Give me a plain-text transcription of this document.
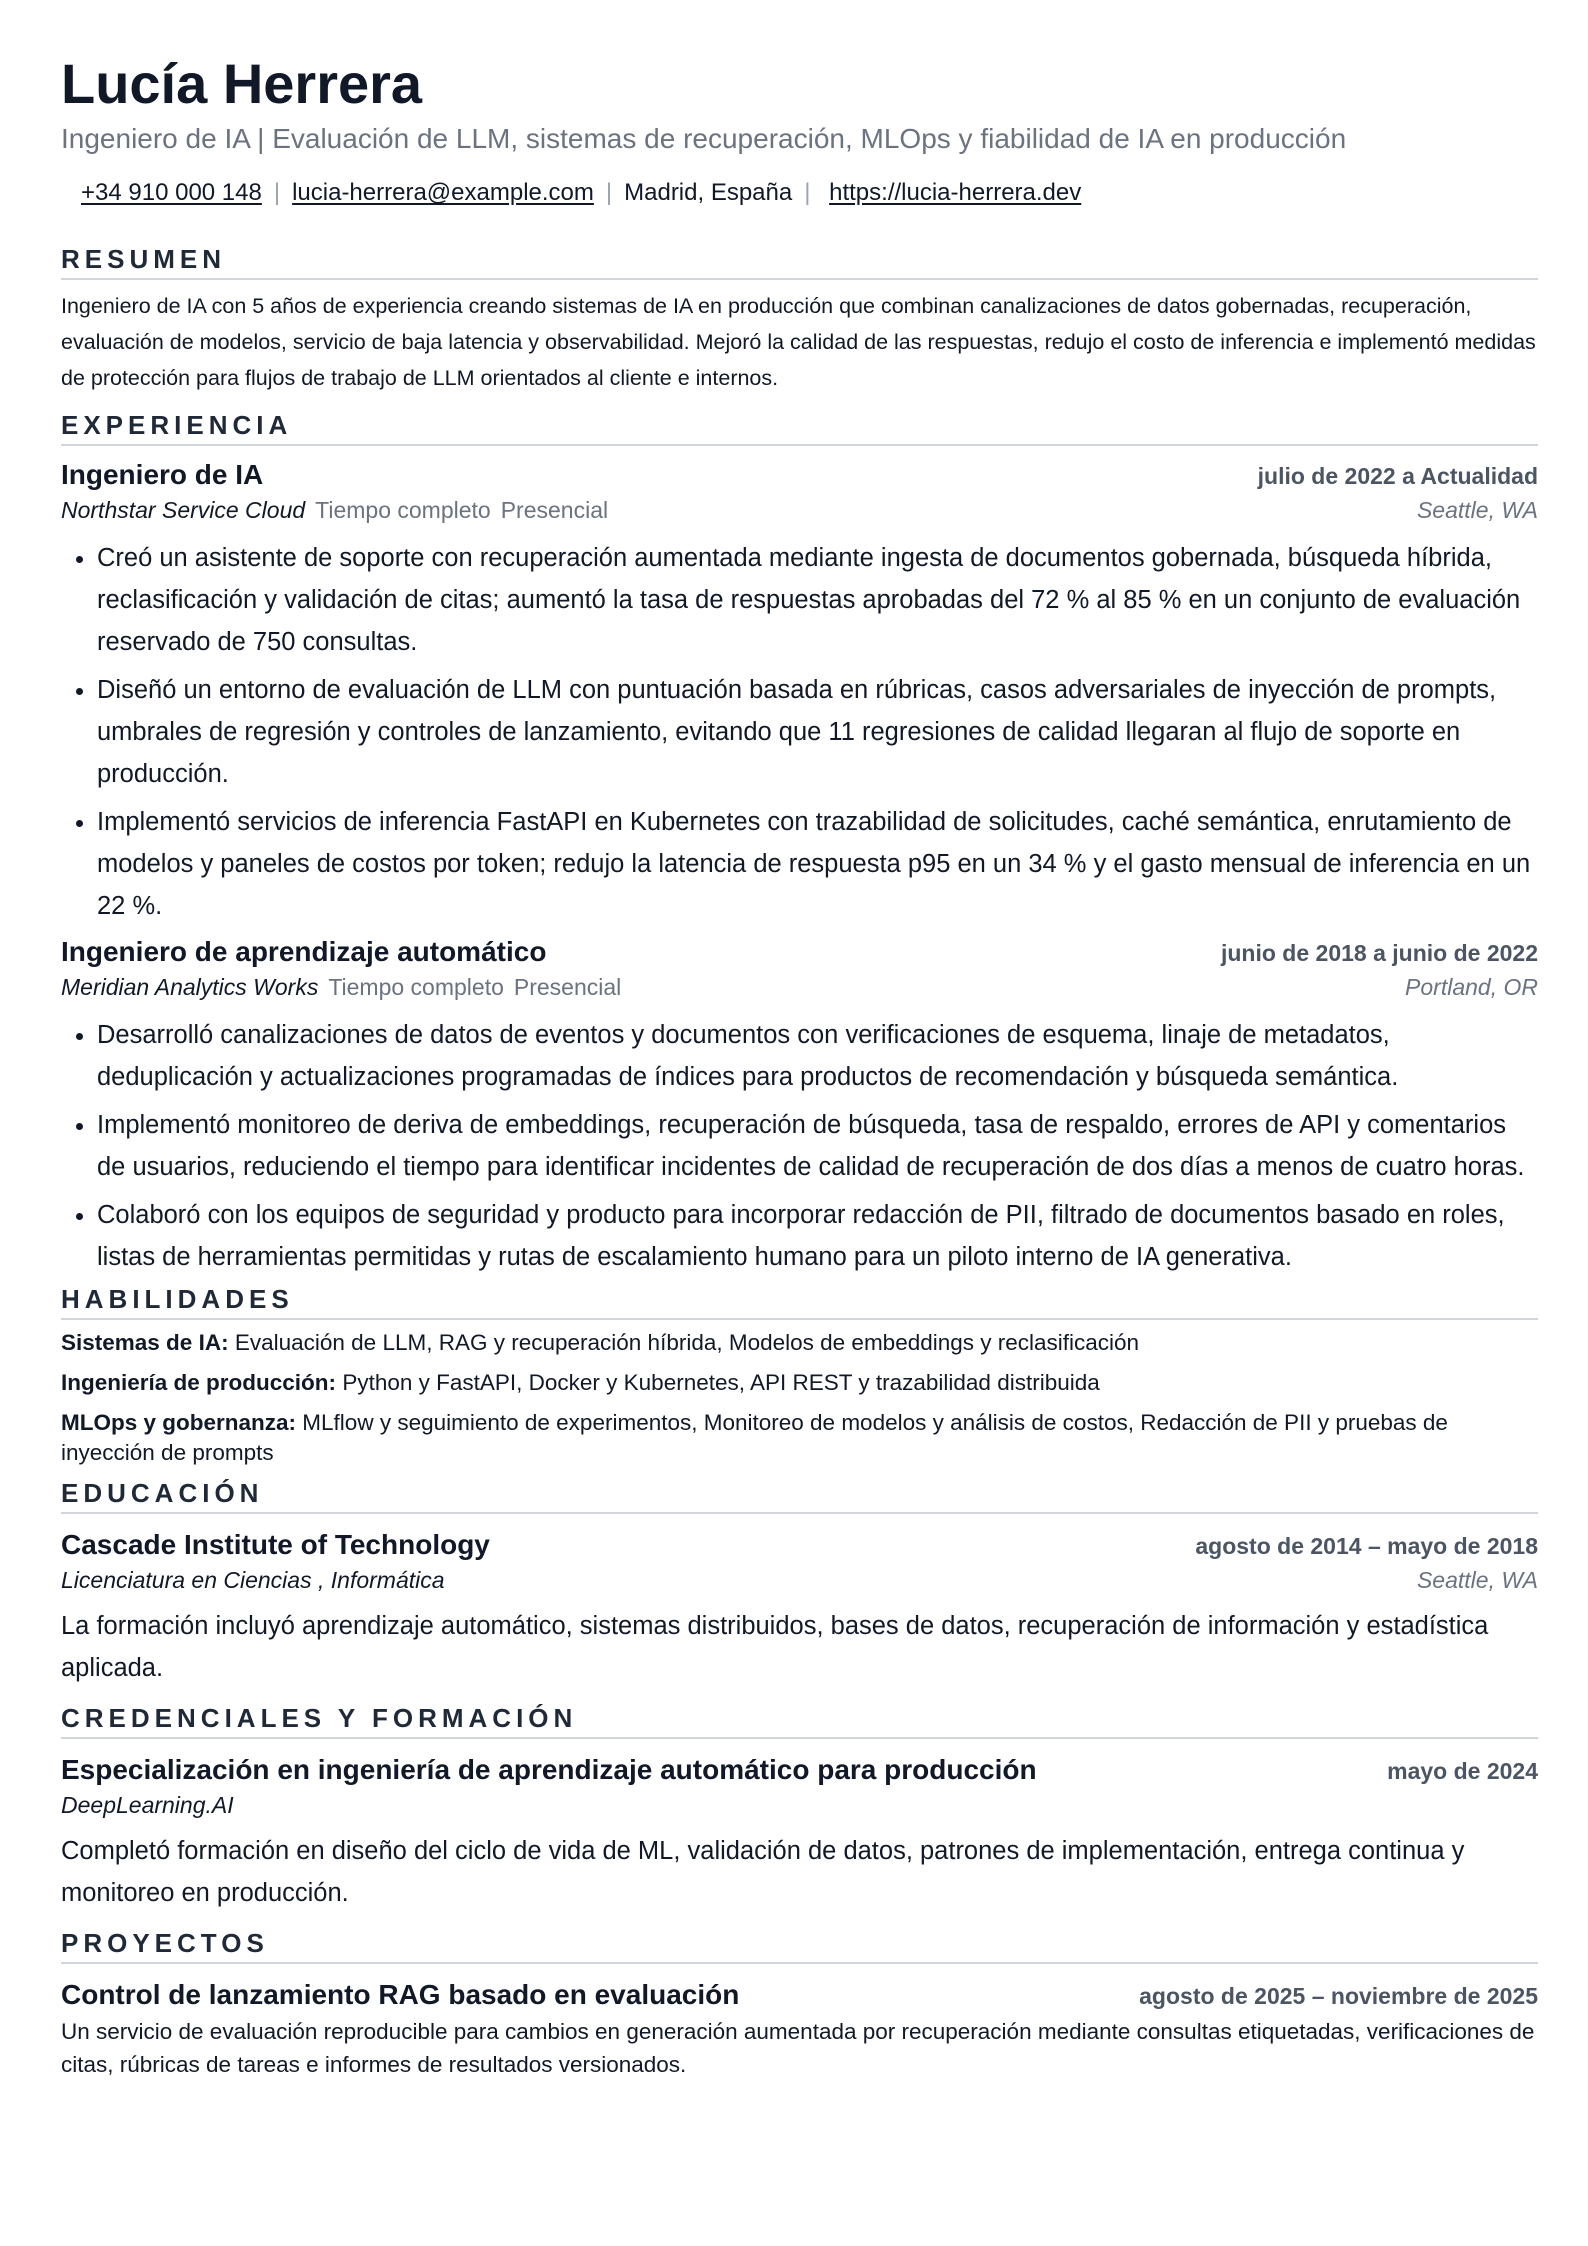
Lucía Herrera
Ingeniero de IA | Evaluación de LLM, sistemas de recuperación, MLOps y fiabilidad de IA en producción
+34 910 000 148 | lucia-herrera@example.com | Madrid, España | https://lucia-herrera.dev
RESUMEN
Ingeniero de IA con 5 años de experiencia creando sistemas de IA en producción que combinan canalizaciones de datos gobernadas, recuperación, evaluación de modelos, servicio de baja latencia y observabilidad. Mejoró la calidad de las respuestas, redujo el costo de inferencia e implementó medidas de protección para flujos de trabajo de LLM orientados al cliente e internos.
EXPERIENCIA
Ingeniero de IA	julio de 2022 a Actualidad
Northstar Service Cloud Tiempo completo Presencial	Seattle, WA
• Creó un asistente de soporte con recuperación aumentada mediante ingesta de documentos gobernada, búsqueda híbrida, reclasificación y validación de citas; aumentó la tasa de respuestas aprobadas del 72 % al 85 % en un conjunto de evaluación reservado de 750 consultas.
• Diseñó un entorno de evaluación de LLM con puntuación basada en rúbricas, casos adversariales de inyección de prompts, umbrales de regresión y controles de lanzamiento, evitando que 11 regresiones de calidad llegaran al flujo de soporte en producción.
• Implementó servicios de inferencia FastAPI en Kubernetes con trazabilidad de solicitudes, caché semántica, enrutamiento de modelos y paneles de costos por token; redujo la latencia de respuesta p95 en un 34 % y el gasto mensual de inferencia en un 22 %.
Ingeniero de aprendizaje automático	junio de 2018 a junio de 2022
Meridian Analytics Works Tiempo completo Presencial	Portland, OR
• Desarrolló canalizaciones de datos de eventos y documentos con verificaciones de esquema, linaje de metadatos, deduplicación y actualizaciones programadas de índices para productos de recomendación y búsqueda semántica.
• Implementó monitoreo de deriva de embeddings, recuperación de búsqueda, tasa de respaldo, errores de API y comentarios de usuarios, reduciendo el tiempo para identificar incidentes de calidad de recuperación de dos días a menos de cuatro horas.
• Colaboró con los equipos de seguridad y producto para incorporar redacción de PII, filtrado de documentos basado en roles, listas de herramientas permitidas y rutas de escalamiento humano para un piloto interno de IA generativa.
HABILIDADES
Sistemas de IA: Evaluación de LLM, RAG y recuperación híbrida, Modelos de embeddings y reclasificación
Ingeniería de producción: Python y FastAPI, Docker y Kubernetes, API REST y trazabilidad distribuida
MLOps y gobernanza: MLflow y seguimiento de experimentos, Monitoreo de modelos y análisis de costos, Redacción de PII y pruebas de inyección de prompts
EDUCACIÓN
Cascade Institute of Technology	agosto de 2014 – mayo de 2018
Licenciatura en Ciencias , Informática	Seattle, WA
La formación incluyó aprendizaje automático, sistemas distribuidos, bases de datos, recuperación de información y estadística aplicada.
CREDENCIALES Y FORMACIÓN
Especialización en ingeniería de aprendizaje automático para producción	mayo de 2024
DeepLearning.AI
Completó formación en diseño del ciclo de vida de ML, validación de datos, patrones de implementación, entrega continua y monitoreo en producción.
PROYECTOS
Control de lanzamiento RAG basado en evaluación	agosto de 2025 – noviembre de 2025
Un servicio de evaluación reproducible para cambios en generación aumentada por recuperación mediante consultas etiquetadas, verificaciones de citas, rúbricas de tareas e informes de resultados versionados.
